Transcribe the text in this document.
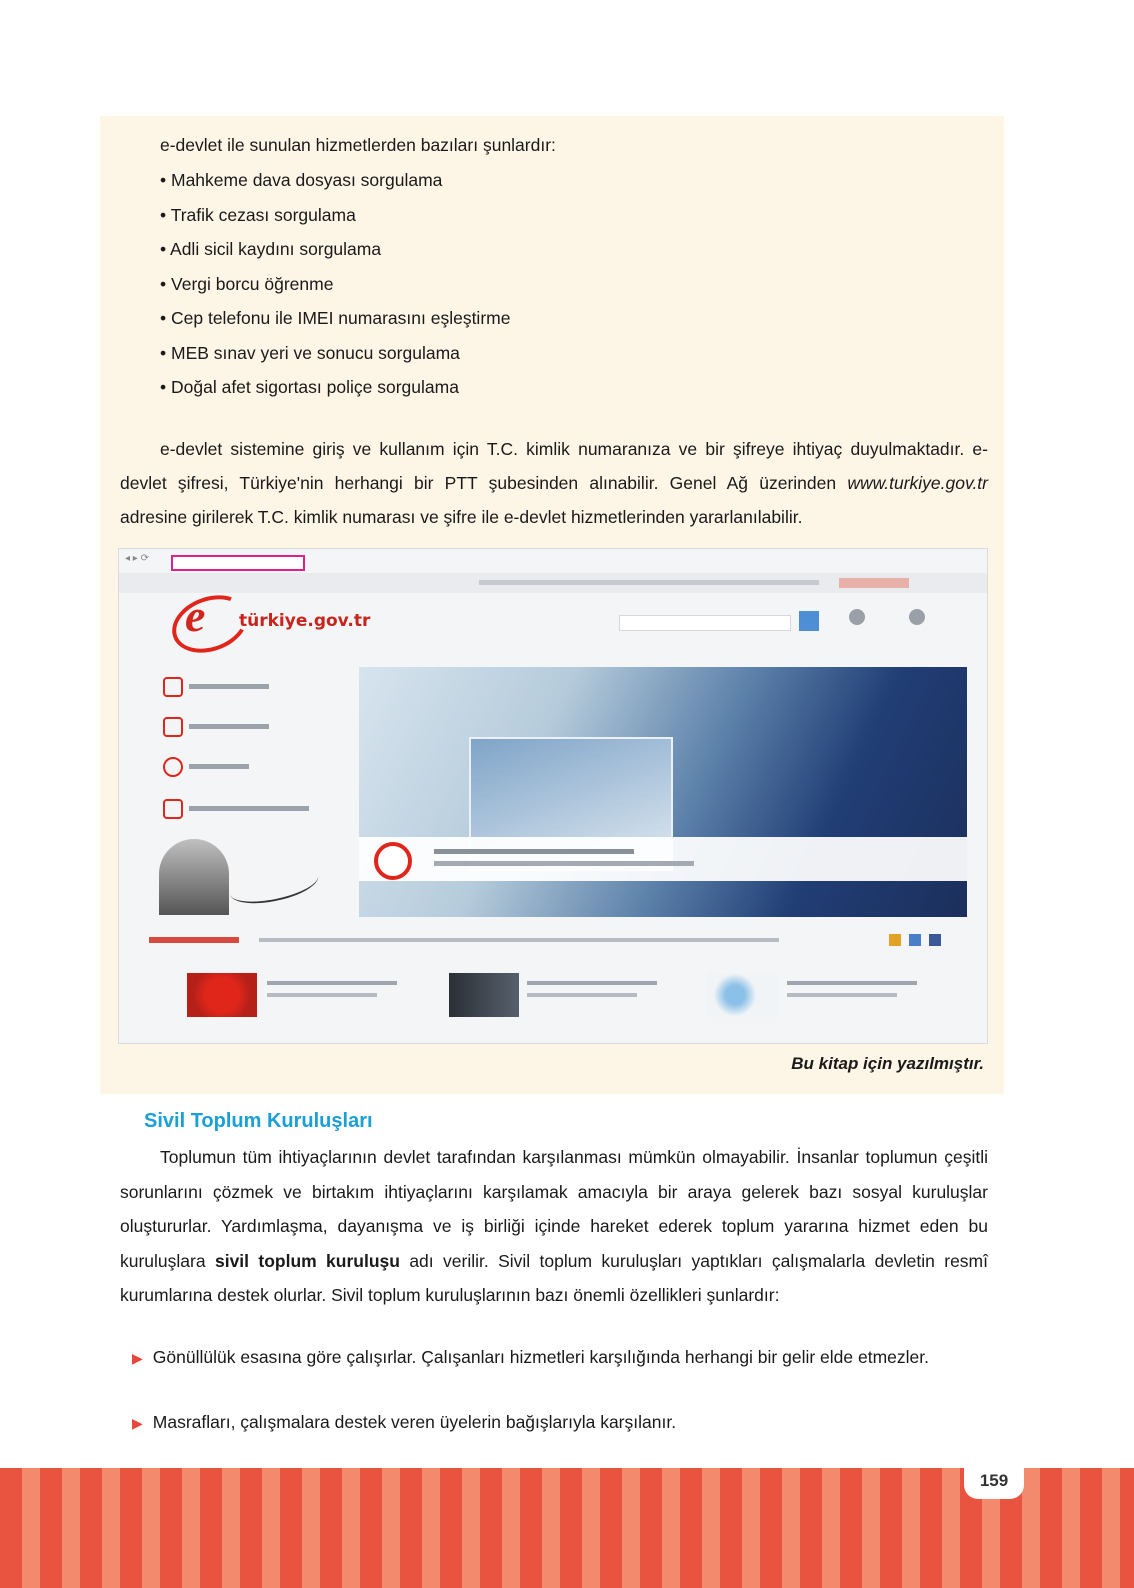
e-devlet ile sunulan hizmetlerden bazıları şunlardır:

• Mahkeme dava dosyası sorgulama
• Trafik cezası sorgulama
• Adli sicil kaydını sorgulama
• Vergi borcu öğrenme
• Cep telefonu ile IMEI numarasını eşleştirme
• MEB sınav yeri ve sonucu sorgulama
• Doğal afet sigortası poliçe sorgulama

e-devlet sistemine giriş ve kullanım için T.C. kimlik numaranıza ve bir şifreye ihtiyaç duyulmaktadır. e-devlet şifresi, Türkiye'nin herhangi bir PTT şubesinden alınabilir. Genel Ağ üzerinden www.turkiye.gov.tr adresine girilerek T.C. kimlik numarası ve şifre ile e-devlet hizmetlerinden yararlanılabilir.

◂ ▸ ⟳
e türkiye.gov.tr
Bu kitap için yazılmıştır.
Sivil Toplum Kuruluşları

Toplumun tüm ihtiyaçlarının devlet tarafından karşılanması mümkün olmayabilir. İnsanlar toplumun çeşitli sorunlarını çözmek ve birtakım ihtiyaçlarını karşılamak amacıyla bir araya gelerek bazı sosyal kuruluşlar oluştururlar. Yardımlaşma, dayanışma ve iş birliği içinde hareket ederek toplum yararına hizmet eden bu kuruluşlara sivil toplum kuruluşu adı verilir. Sivil toplum kuruluşları yaptıkları çalışmalarla devletin resmî kurumlarına destek olurlar. Sivil toplum kuruluşlarının bazı önemli özellikleri şunlardır:

▶ Gönüllülük esasına göre çalışırlar. Çalışanları hizmetleri karşılığında herhangi bir gelir elde etmezler.

▶ Masrafları, çalışmalara destek veren üyelerin bağışlarıyla karşılanır.

159
